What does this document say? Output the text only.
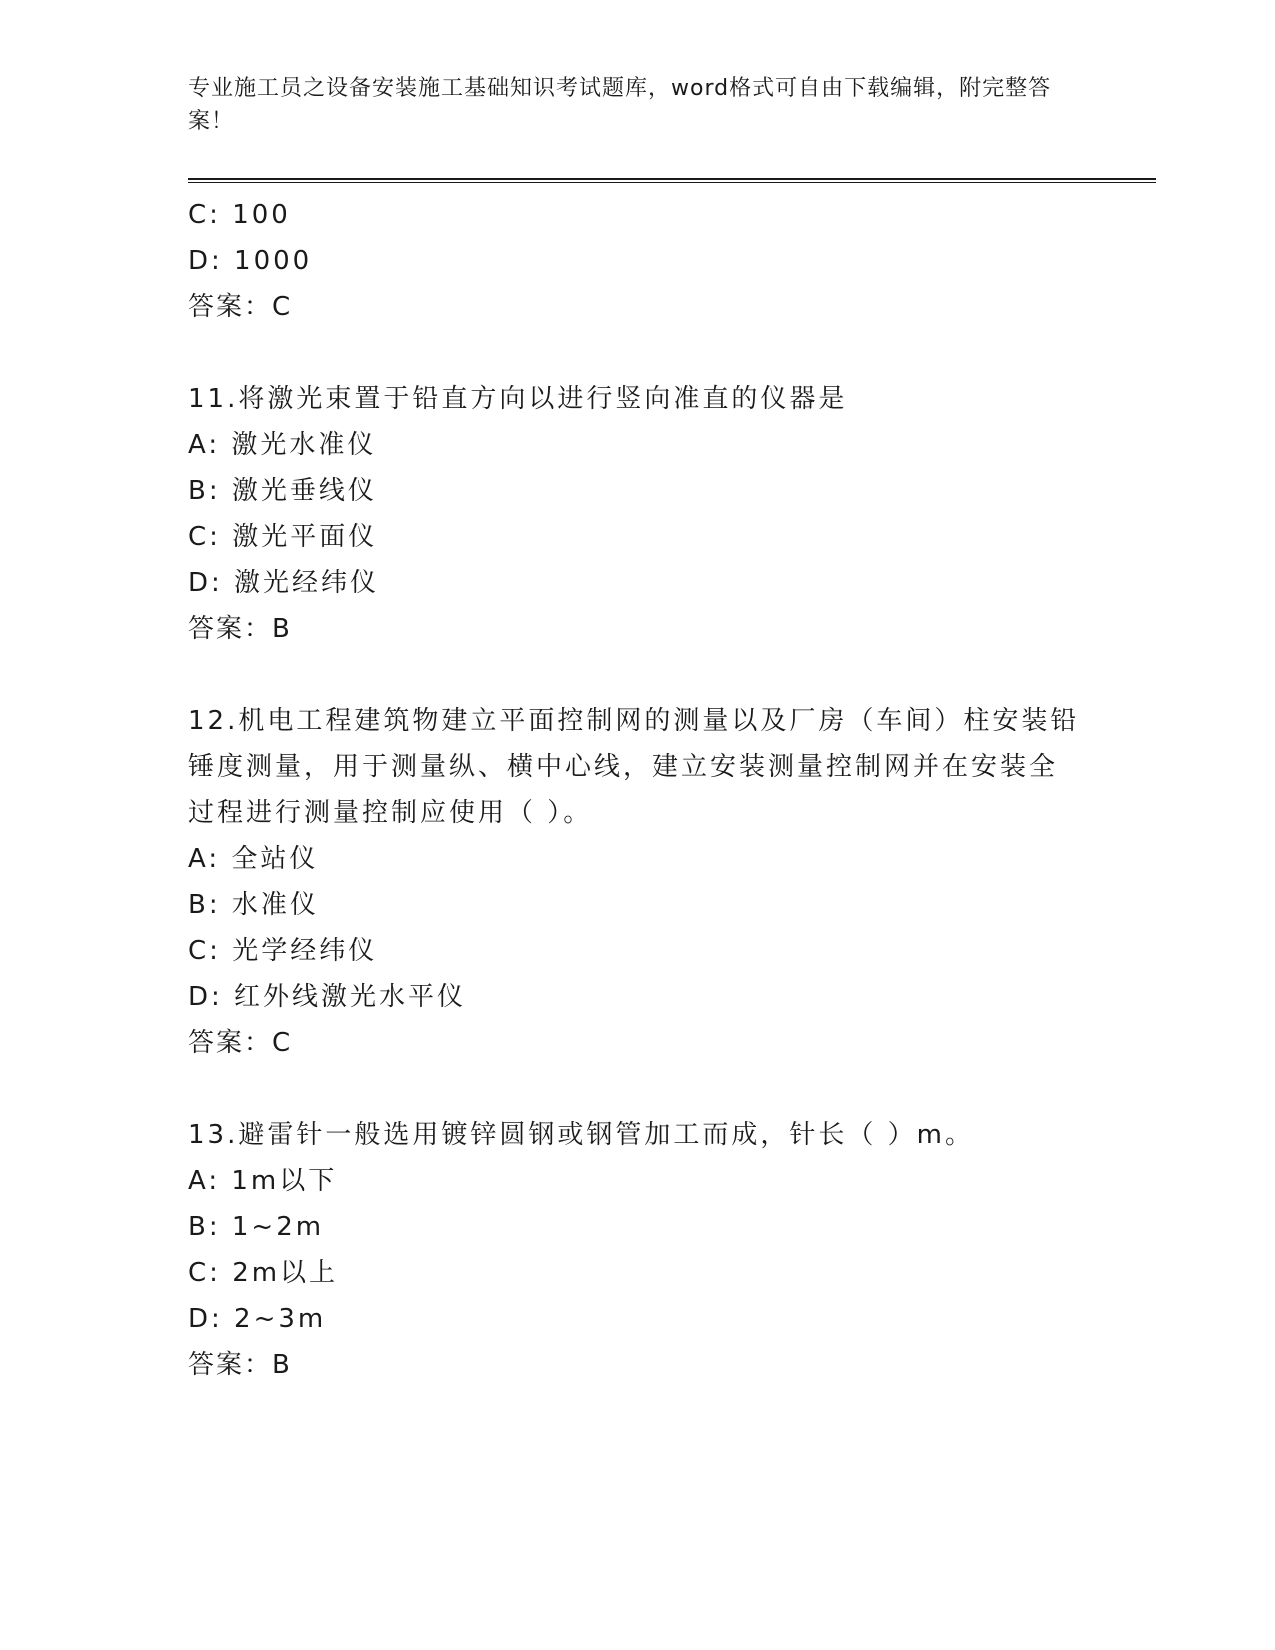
专业施工员之设备安装施工基础知识考试题库，word格式可自由下载编辑，附完整答案！
C: 100
D: 1000
答案：C
11.将激光束置于铅直方向以进行竖向准直的仪器是
A: 激光水准仪
B: 激光垂线仪
C: 激光平面仪
D: 激光经纬仪
答案：B
12.机电工程建筑物建立平面控制网的测量以及厂房（车间）柱安装铅
锤度测量，用于测量纵、横中心线，建立安装测量控制网并在安装全
过程进行测量控制应使用（ ）。
A: 全站仪
B: 水准仪
C: 光学经纬仪
D: 红外线激光水平仪
答案：C
13.避雷针一般选用镀锌圆钢或钢管加工而成，针长（ ）m。
A: 1m以下
B: 1~2m
C: 2m以上
D: 2~3m
答案：B
